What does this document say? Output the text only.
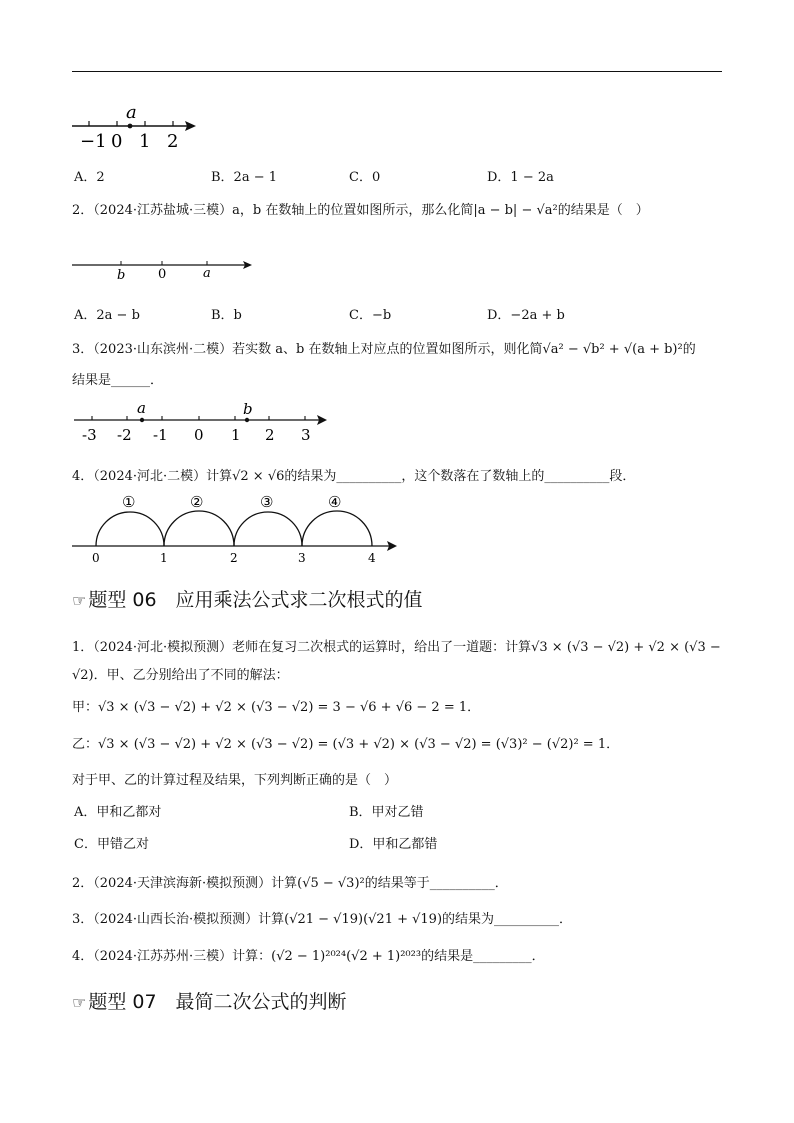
a
−1 0 1 2
A．2	B．2a − 1	C．0	D．1 − 2a
2．（2024·江苏盐城·三模）a，b 在数轴上的位置如图所示，那么化简|a − b| − √a²的结果是（　）
b	0	a
A．2a − b	B．b	C．−b	D．−2a + b
3．（2023·山东滨州·二模）若实数 a、b 在数轴上对应点的位置如图所示，则化简√a² − √b² + √(a + b)²的
结果是______．
a	b
-3 -2 -1 0 1 2 3
4．（2024·河北·二模）计算√2 × √6的结果为__________，这个数落在了数轴上的__________段．
①	②	③	④
0	1	2	3	4
☞ 题型 06　应用乘法公式求二次根式的值
1．（2024·河北·模拟预测）老师在复习二次根式的运算时，给出了一道题：计算√3 × (√3 − √2) + √2 × (√3 −
√2)．甲、乙分别给出了不同的解法：
甲：√3 × (√3 − √2) + √2 × (√3 − √2) = 3 − √6 + √6 − 2 = 1．
乙：√3 × (√3 − √2) + √2 × (√3 − √2) = (√3 + √2) × (√3 − √2) = (√3)² − (√2)² = 1．
对于甲、乙的计算过程及结果，下列判断正确的是（　）
A．甲和乙都对	B．甲对乙错
C．甲错乙对	D．甲和乙都错
2．（2024·天津滨海新·模拟预测）计算(√5 − √3)²的结果等于__________．
3．（2024·山西长治·模拟预测）计算(√21 − √19)(√21 + √19)的结果为__________．
4．（2024·江苏苏州·三模）计算：(√2 − 1)²⁰²⁴(√2 + 1)²⁰²³的结果是_________．
☞ 题型 07　最简二次公式的判断
